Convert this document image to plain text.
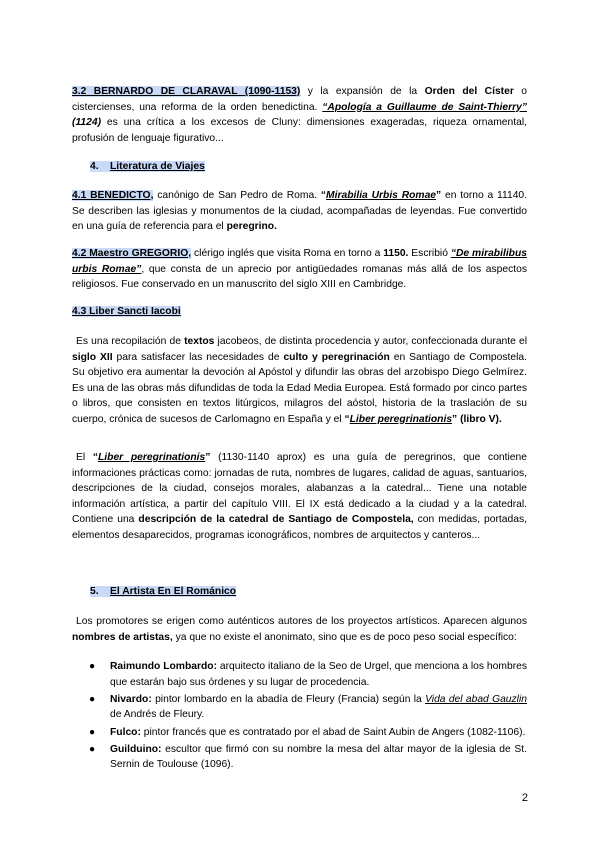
3.2 BERNARDO DE CLARAVAL (1090-1153) y la expansión de la Orden del Císter o cistercienses, una reforma de la orden benedictina. “Apología a Guillaume de Saint-Thierry” (1124) es una crítica a los excesos de Cluny: dimensiones exageradas, riqueza ornamental, profusión de lenguaje figurativo...

4. Literatura de Viajes

4.1 BENEDICTO, canónigo de San Pedro de Roma. “Mirabilia Urbis Romae” en torno a 11140. Se describen las iglesias y monumentos de la ciudad, acompañadas de leyendas. Fue convertido en una guía de referencia para el peregrino.

4.2 Maestro GREGORIO, clérigo inglés que visita Roma en torno a 1150. Escribió “De mirabilibus urbis Romae”, que consta de un aprecio por antigüedades romanas más allá de los aspectos religiosos. Fue conservado en un manuscrito del siglo XIII en Cambridge.

4.3 Liber Sancti Iacobi

Es una recopilación de textos jacobeos, de distinta procedencia y autor, confeccionada durante el siglo XII para satisfacer las necesidades de culto y peregrinación en Santiago de Compostela. Su objetivo era aumentar la devoción al Apóstol y difundir las obras del arzobispo Diego Gelmírez. Es una de las obras más difundidas de toda la Edad Media Europea. Está formado por cinco partes o libros, que consisten en textos litúrgicos, milagros del aóstol, historia de la traslación de su cuerpo, crónica de sucesos de Carlomagno en España y el “Liber peregrinationis” (libro V).

El “Liber peregrinationis” (1130-1140 aprox) es una guía de peregrinos, que contiene informaciones prácticas como: jornadas de ruta, nombres de lugares, calidad de aguas, santuarios, descripciones de la ciudad, consejos morales, alabanzas a la catedral... Tiene una notable información artística, a partir del capítulo VIII. El IX está dedicado a la ciudad y a la catedral. Contiene una descripción de la catedral de Santiago de Compostela, con medidas, portadas, elementos desaparecidos, programas iconográficos, nombres de arquitectos y canteros...

5. El Artista En El Románico

Los promotores se erigen como auténticos autores de los proyectos artísticos. Aparecen algunos nombres de artistas, ya que no existe el anonimato, sino que es de poco peso social específico:

● Raimundo Lombardo: arquitecto italiano de la Seo de Urgel, que menciona a los hombres que estarán bajo sus órdenes y su lugar de procedencia.
● Nivardo: pintor lombardo en la abadía de Fleury (Francia) según la Vida del abad Gauzlin de Andrés de Fleury.
● Fulco: pintor francés que es contratado por el abad de Saint Aubin de Angers (1082-1106).
● Guilduino: escultor que firmó con su nombre la mesa del altar mayor de la iglesia de St. Sernin de Toulouse (1096).
2
